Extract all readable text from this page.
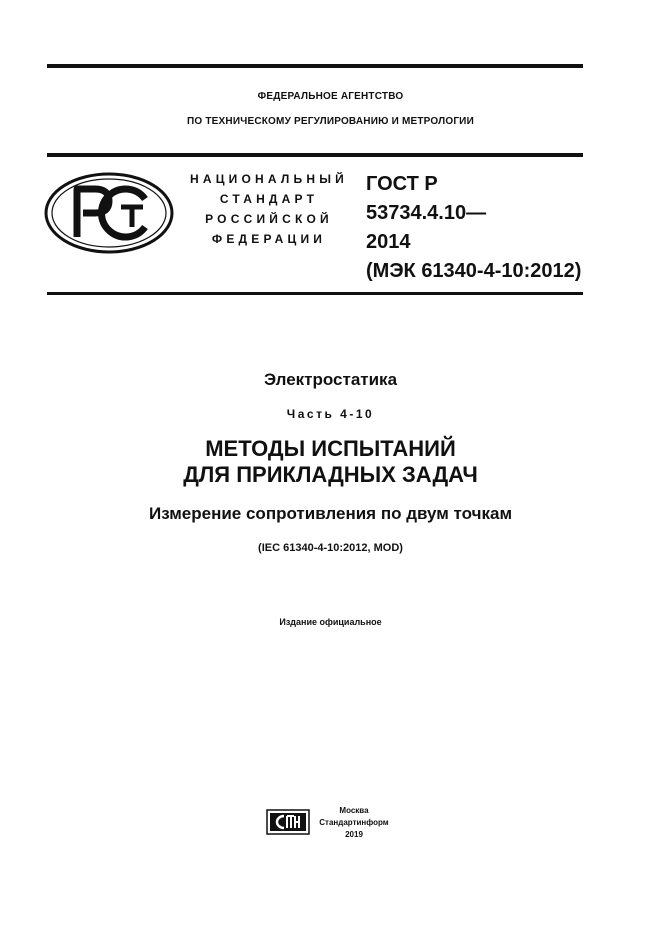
ФЕДЕРАЛЬНОЕ АГЕНТСТВО
ПО ТЕХНИЧЕСКОМУ РЕГУЛИРОВАНИЮ И МЕТРОЛОГИИ
НАЦИОНАЛЬНЫЙ
СТАНДАРТ
РОССИЙСКОЙ
ФЕДЕРАЦИИ
ГОСТ Р
53734.4.10—
2014
(МЭК 61340-4-10:2012)
Электростатика
Часть 4-10
МЕТОДЫ ИСПЫТАНИЙ
ДЛЯ ПРИКЛАДНЫХ ЗАДАЧ
Измерение сопротивления по двум точкам
(IEC 61340-4-10:2012, MOD)
Издание официальное
Москва
Стандартинформ
2019
